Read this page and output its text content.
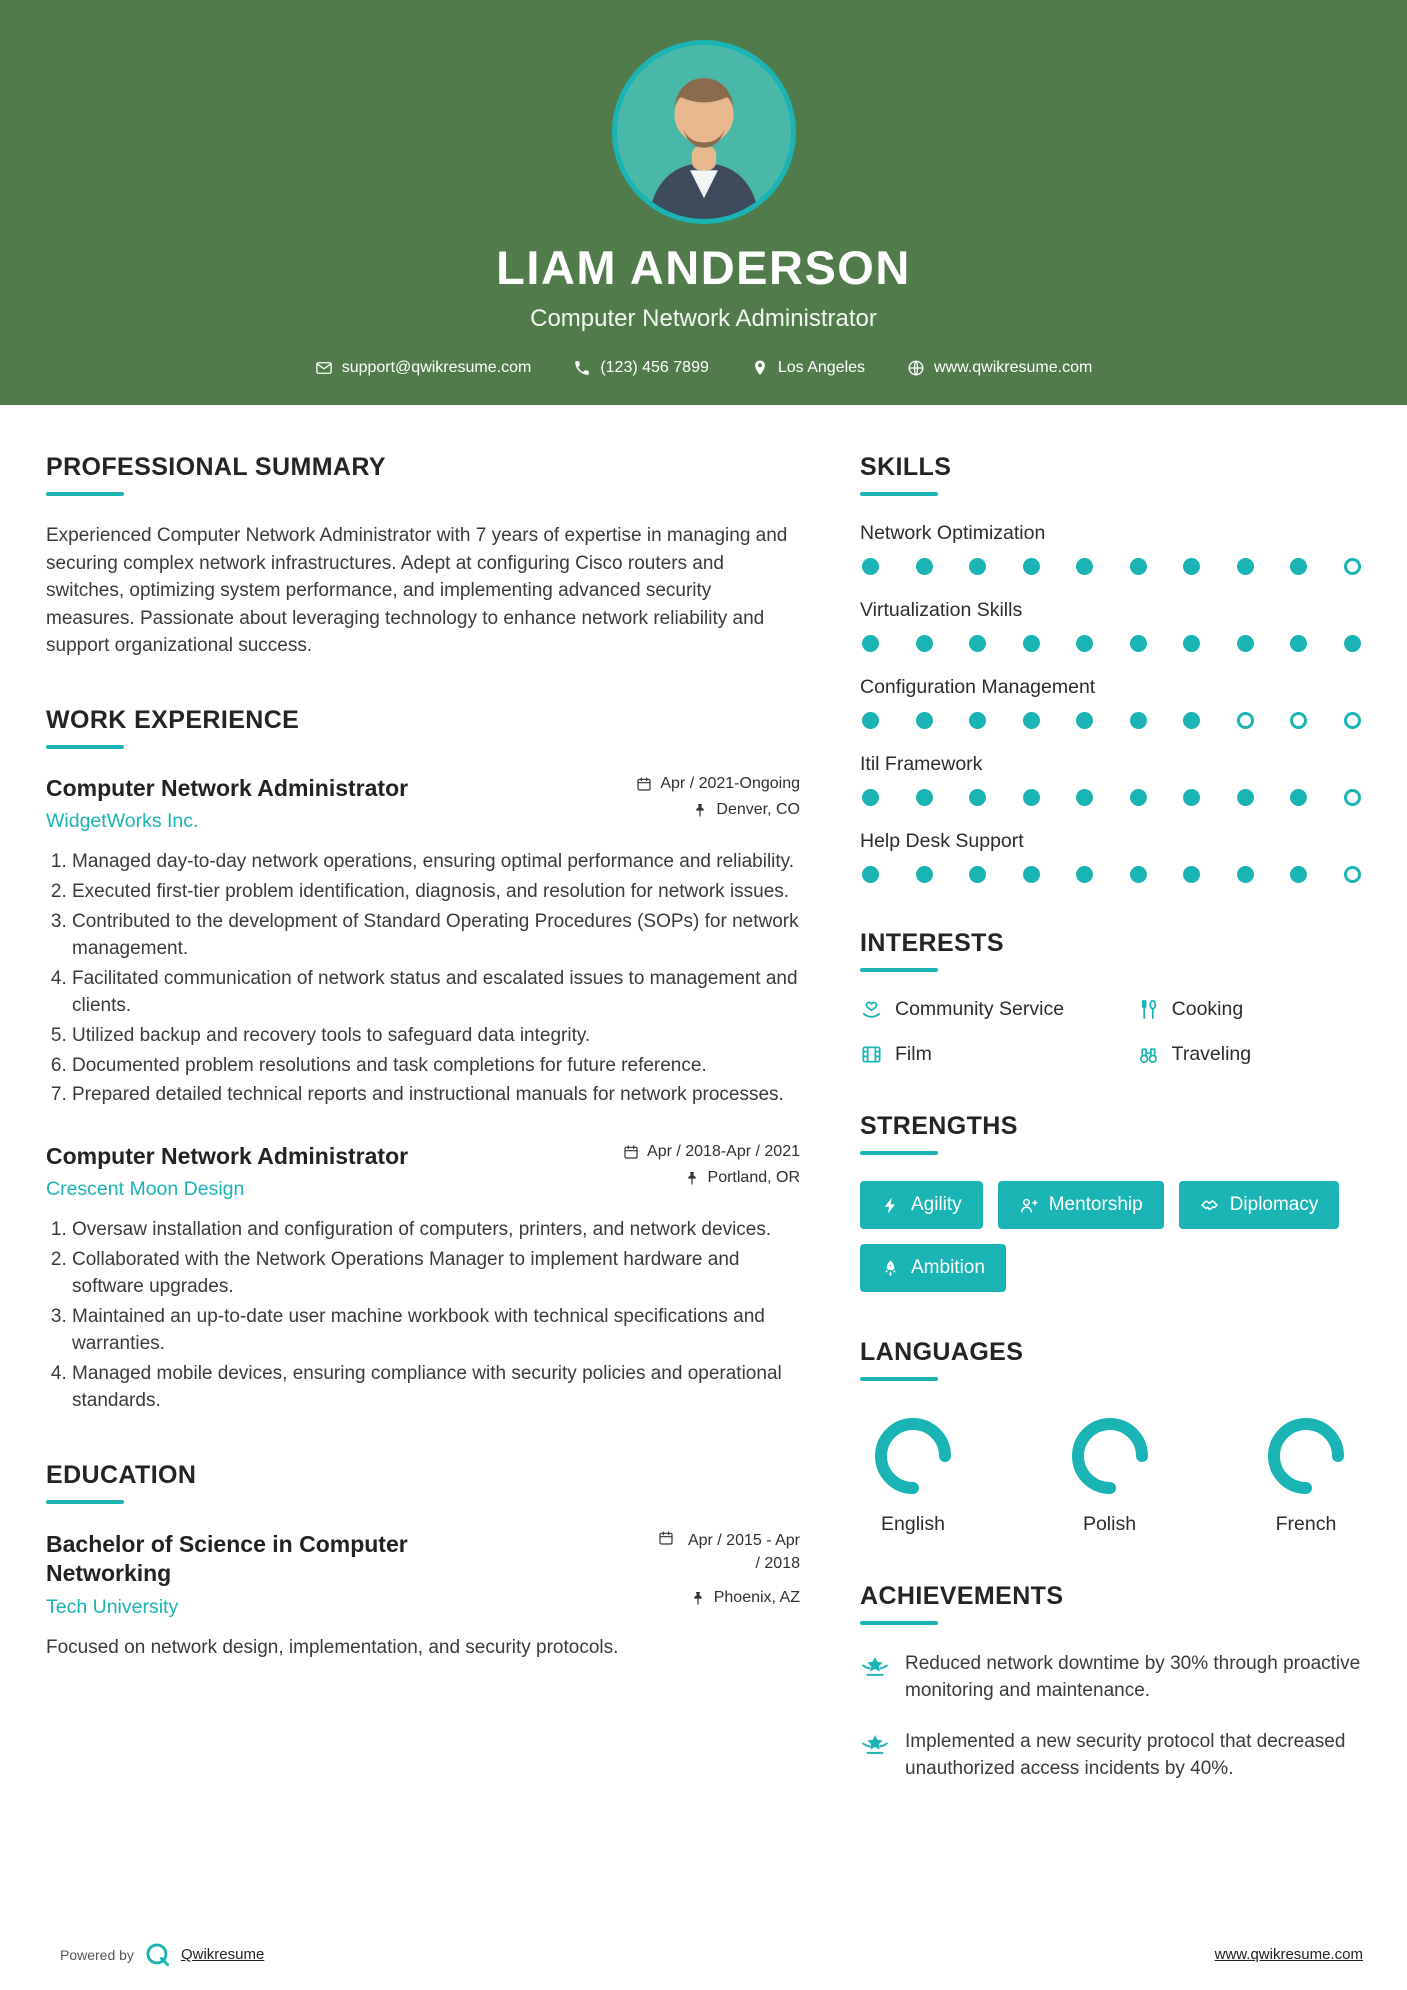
LIAM ANDERSON
Computer Network Administrator
support@qwikresume.com	(123) 456 7899	Los Angeles	www.qwikresume.com
PROFESSIONAL SUMMARY

Experienced Computer Network Administrator with 7 years of expertise in managing and securing complex network infrastructures. Adept at configuring Cisco routers and switches, optimizing system performance, and implementing advanced security measures. Passionate about leveraging technology to enhance network reliability and support organizational success.

WORK EXPERIENCE
Computer Network Administrator
WidgetWorks Inc.
Apr / 2021-Ongoing
Denver, CO
1. Managed day-to-day network operations, ensuring optimal performance and reliability.
2. Executed first-tier problem identification, diagnosis, and resolution for network issues.
3. Contributed to the development of Standard Operating Procedures (SOPs) for network management.
4. Facilitated communication of network status and escalated issues to management and clients.
5. Utilized backup and recovery tools to safeguard data integrity.
6. Documented problem resolutions and task completions for future reference.
7. Prepared detailed technical reports and instructional manuals for network processes.
Computer Network Administrator
Crescent Moon Design
Apr / 2018-Apr / 2021
Portland, OR
1. Oversaw installation and configuration of computers, printers, and network devices.
2. Collaborated with the Network Operations Manager to implement hardware and software upgrades.
3. Maintained an up-to-date user machine workbook with technical specifications and warranties.
4. Managed mobile devices, ensuring compliance with security policies and operational standards.
EDUCATION
Bachelor of Science in Computer Networking
Tech University
Apr / 2015 - Apr / 2018
Phoenix, AZ

Focused on network design, implementation, and security protocols.

SKILLS
Network Optimization
Virtualization Skills
Configuration Management
Itil Framework
Help Desk Support
INTERESTS
Community Service	Cooking
Film	Traveling
STRENGTHS
Agility	Mentorship	Diplomacy
Ambition
LANGUAGES
English	Polish	French
ACHIEVEMENTS

Reduced network downtime by 30% through proactive monitoring and maintenance.

Implemented a new security protocol that decreased unauthorized access incidents by 40%.

Powered by	Qwikresume	www.qwikresume.com
